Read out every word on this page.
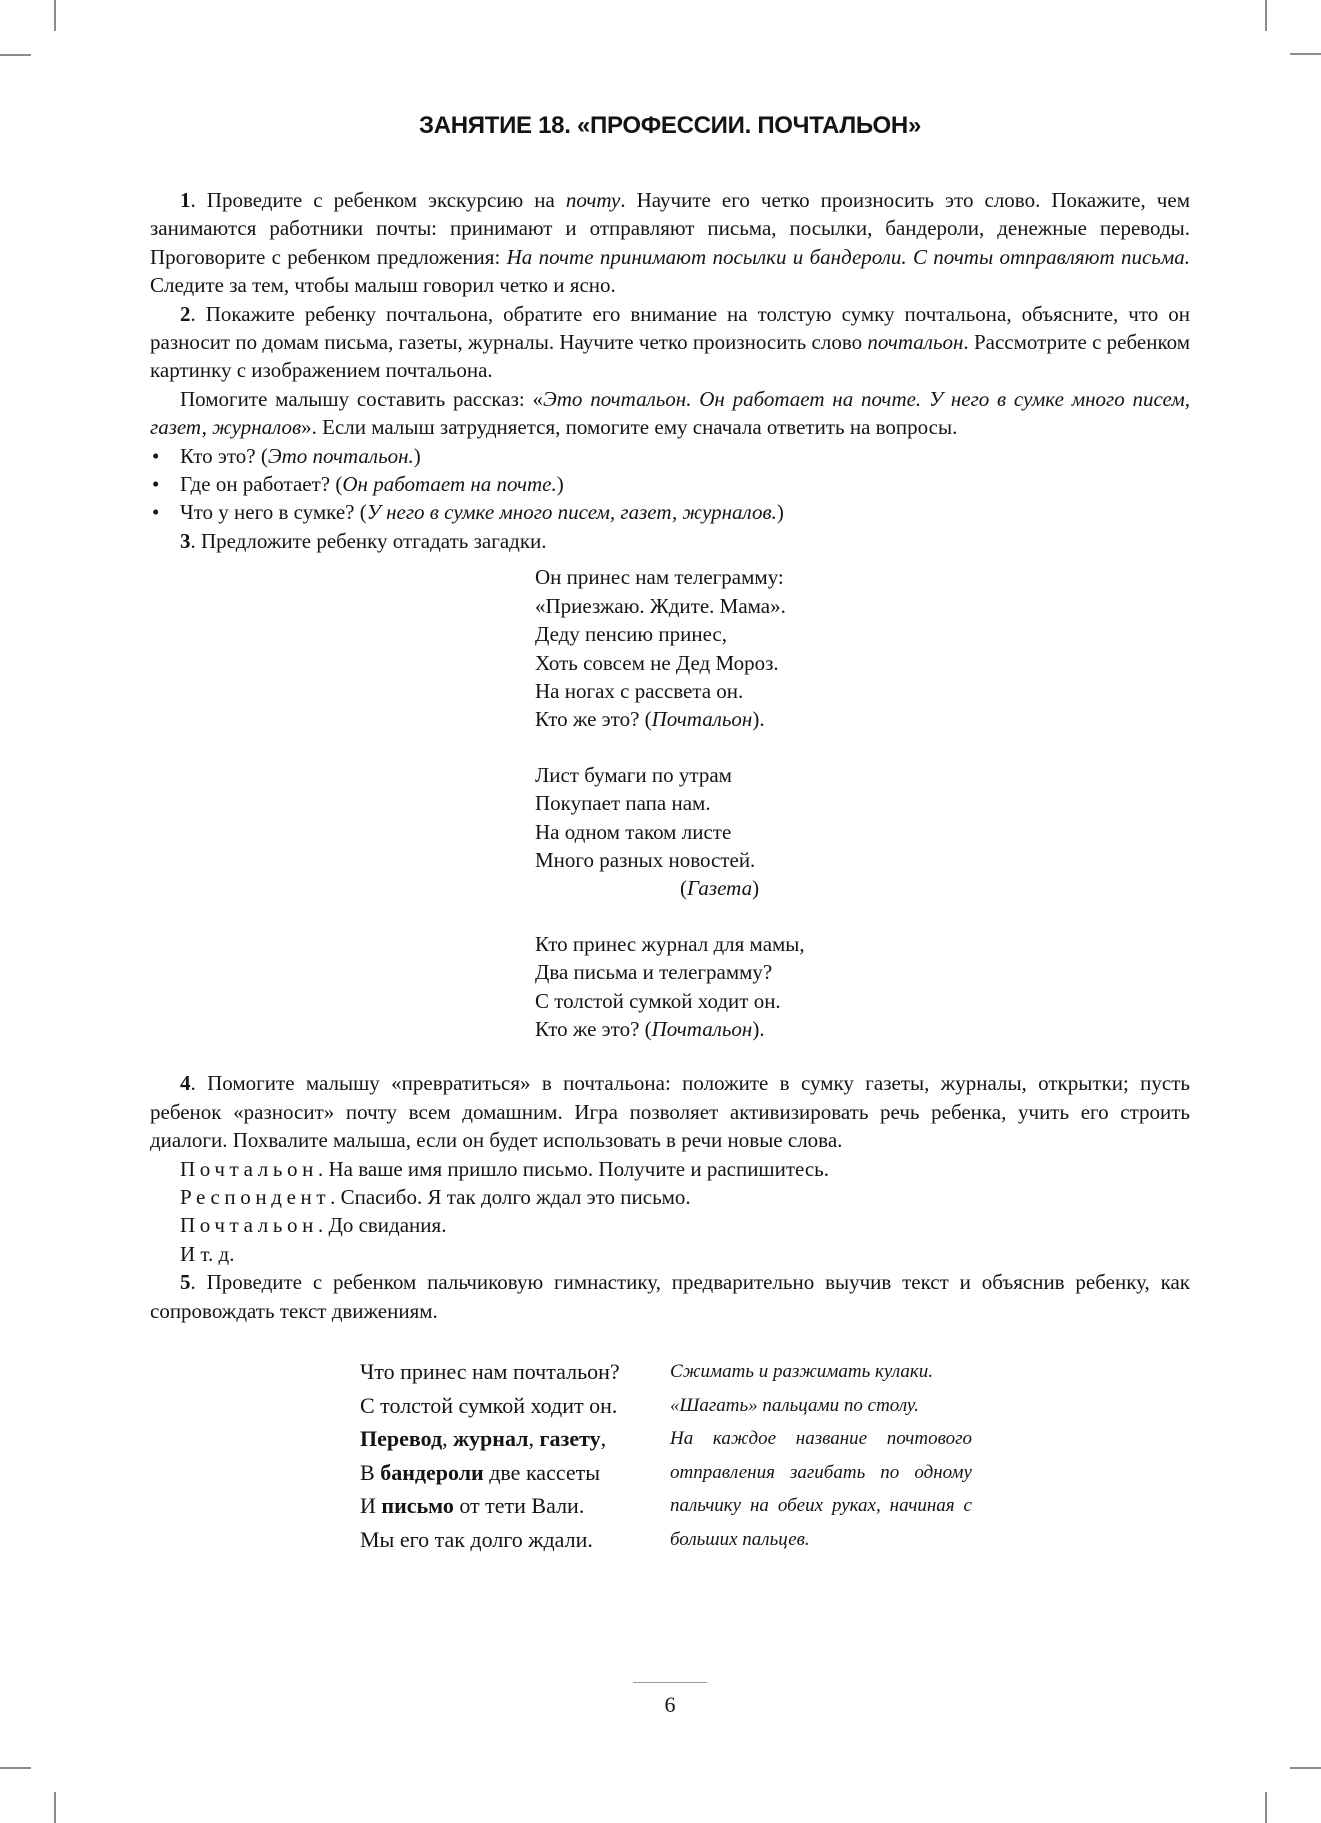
ЗАНЯТИЕ 18. «ПРОФЕССИИ. ПОЧТАЛЬОН»

1. Проведите с ребенком экскурсию на почту. Научите его четко произносить это слово. Покажите, чем занимаются работники почты: принимают и отправляют письма, посылки, бандероли, денежные переводы. Проговорите с ребенком предложения: На почте принимают посылки и бандероли. С почты отправляют письма. Следите за тем, чтобы малыш говорил четко и ясно.

2. Покажите ребенку почтальона, обратите его внимание на толстую сумку почтальона, объясните, что он разносит по домам письма, газеты, журналы. Научите четко произносить слово почтальон. Рассмотрите с ребенком картинку с изображением почтальона.

Помогите малышу составить рассказ: «Это почтальон. Он работает на почте. У него в сумке много писем, газет, журналов». Если малыш затрудняется, помогите ему сначала ответить на вопросы.

• Кто это? (Это почтальон.)
• Где он работает? (Он работает на почте.)
• Что у него в сумке? (У него в сумке много писем, газет, журналов.)

3. Предложите ребенку отгадать загадки.

Он принес нам телеграмму:
«Приезжаю. Ждите. Мама».
Деду пенсию принес,
Хоть совсем не Дед Мороз.
На ногах с рассвета он.
Кто же это? (Почтальон).
Лист бумаги по утрам
Покупает папа нам.
На одном таком листе
Много разных новостей.
(Газета)
Кто принес журнал для мамы,
Два письма и телеграмму?
С толстой сумкой ходит он.
Кто же это? (Почтальон).

4. Помогите малышу «превратиться» в почтальона: положите в сумку газеты, журналы, открытки; пусть ребенок «разносит» почту всем домашним. Игра позволяет активизировать речь ребенка, учить его строить диалоги. Похвалите малыша, если он будет использовать в речи новые слова.

Почтальон. На ваше имя пришло письмо. Получите и распишитесь.
Респондент. Спасибо. Я так долго ждал это письмо.
Почтальон. До свидания.
И т. д.

5. Проведите с ребенком пальчиковую гимнастику, предварительно выучив текст и объяснив ребенку, как сопровождать текст движениям.

Что принес нам почтальон?
С толстой сумкой ходит он.
Перевод, журнал, газету,
В бандероли две кассеты
И письмо от тети Вали.
Мы его так долго ждали.
Сжимать и разжимать кулаки.
«Шагать» пальцами по столу.

На каждое название почтового отправления загибать по одному пальчику на обеих руках, начиная с больших пальцев.

6
